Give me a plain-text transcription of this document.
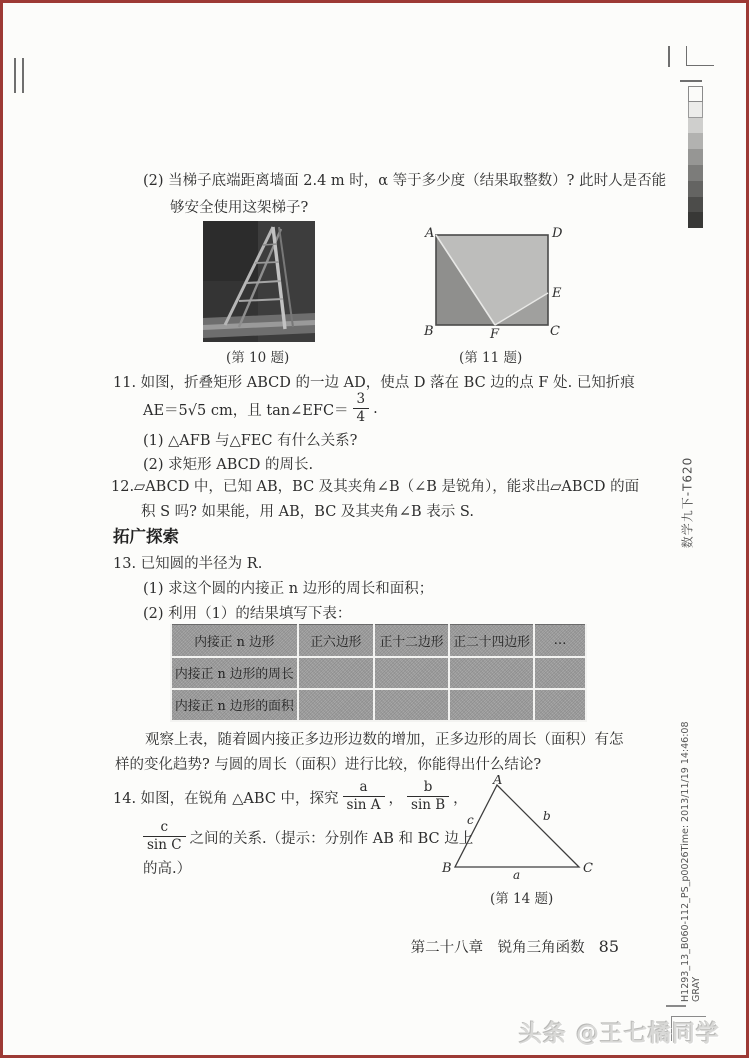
(2) 当梯子底端距离墙面 2.4 m 时，α 等于多少度（结果取整数）? 此时人是否能
够安全使用这架梯子?
(第 10 题)
A	D
E
B	F	C
(第 11 题)
11. 如图，折叠矩形 ABCD 的一边 AD，使点 D 落在 BC 边的点 F 处. 已知折痕
AE＝5√5 cm，且 tan∠EFC＝ $\frac{3}{4}$ .
(1) △AFB 与△FEC 有什么关系?
(2) 求矩形 ABCD 的周长.
12.▱ABCD 中，已知 AB，BC 及其夹角∠B（∠B 是锐角），能求出▱ABCD 的面
积 S 吗? 如果能，用 AB，BC 及其夹角∠B 表示 S.
拓广探索
13. 已知圆的半径为 R.
(1) 求这个圆的内接正 n 边形的周长和面积；
(2) 利用（1）的结果填写下表：
内接正 n 边形	正六边形	正十二边形	正二十四边形	…
内接正 n 边形的周长				
内接正 n 边形的面积				
观察上表，随着圆内接正多边形边数的增加，正多边形的周长（面积）有怎
样的变化趋势? 与圆的周长（面积）进行比较，你能得出什么结论?
14. 如图，在锐角 △ABC 中，探究 $\frac{a}{\text{sin A}}$ ， $\frac{b}{\text{sin B}}$ ，
$\frac{c}{\text{sin C}}$ 之间的关系.（提示：分别作 AB 和 BC 边上
的高.）
A
B	C
c	b
a
(第 14 题)
第二十八章　锐角三角函数 85
数学九下-T620
H1293_13_B060-112_PS_p0026Time: 2013/11/19 14:46:08 GRAY
头条 @王七橘同学
